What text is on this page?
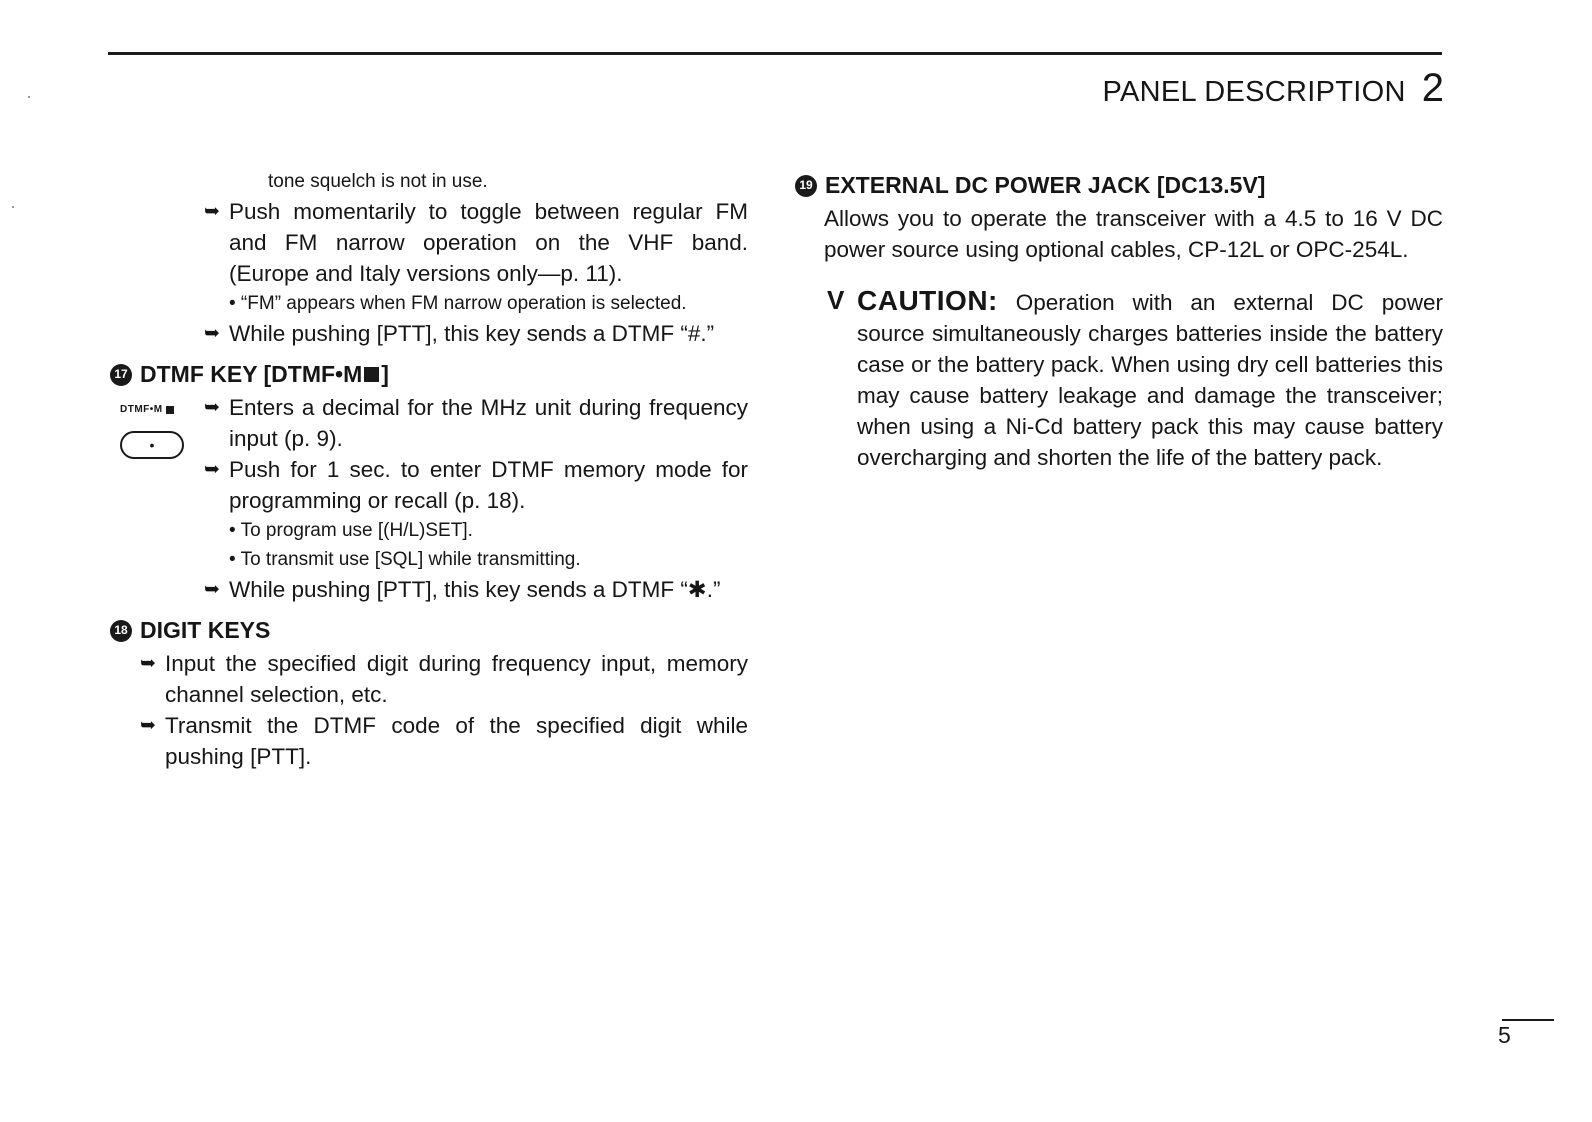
PANEL DESCRIPTION 2

tone squelch is not in use.

➥ Push momentarily to toggle between regular FM and FM narrow operation on the VHF band. (Europe and Italy versions only—p. 11).

• “FM” appears when FM narrow operation is selected.

➥ While pushing [PTT], this key sends a DTMF “#.”
17 DTMF KEY [DTMF•M ]
DTMF•M
•
➥ Enters a decimal for the MHz unit during frequency input (p. 9).
➥ Push for 1 sec. to enter DTMF memory mode for programming or recall (p. 18).

• To program use [(H/L)SET].

• To transmit use [SQL] while transmitting.

➥ While pushing [PTT], this key sends a DTMF “✱.”
18 DIGIT KEYS
➥ Input the specified digit during frequency input, memory channel selection, etc.
➥ Transmit the DTMF code of the specified digit while pushing [PTT].
19 EXTERNAL DC POWER JACK [DC13.5V]

Allows you to operate the transceiver with a 4.5 to 16 V DC power source using optional cables, CP-12L or OPC-254L.

V CAUTION: Operation with an external DC power source simultaneously charges batteries inside the battery case or the battery pack. When using dry cell batteries this may cause battery leakage and damage the transceiver; when using a Ni-Cd battery pack this may cause battery overcharging and shorten the life of the battery pack.

5
